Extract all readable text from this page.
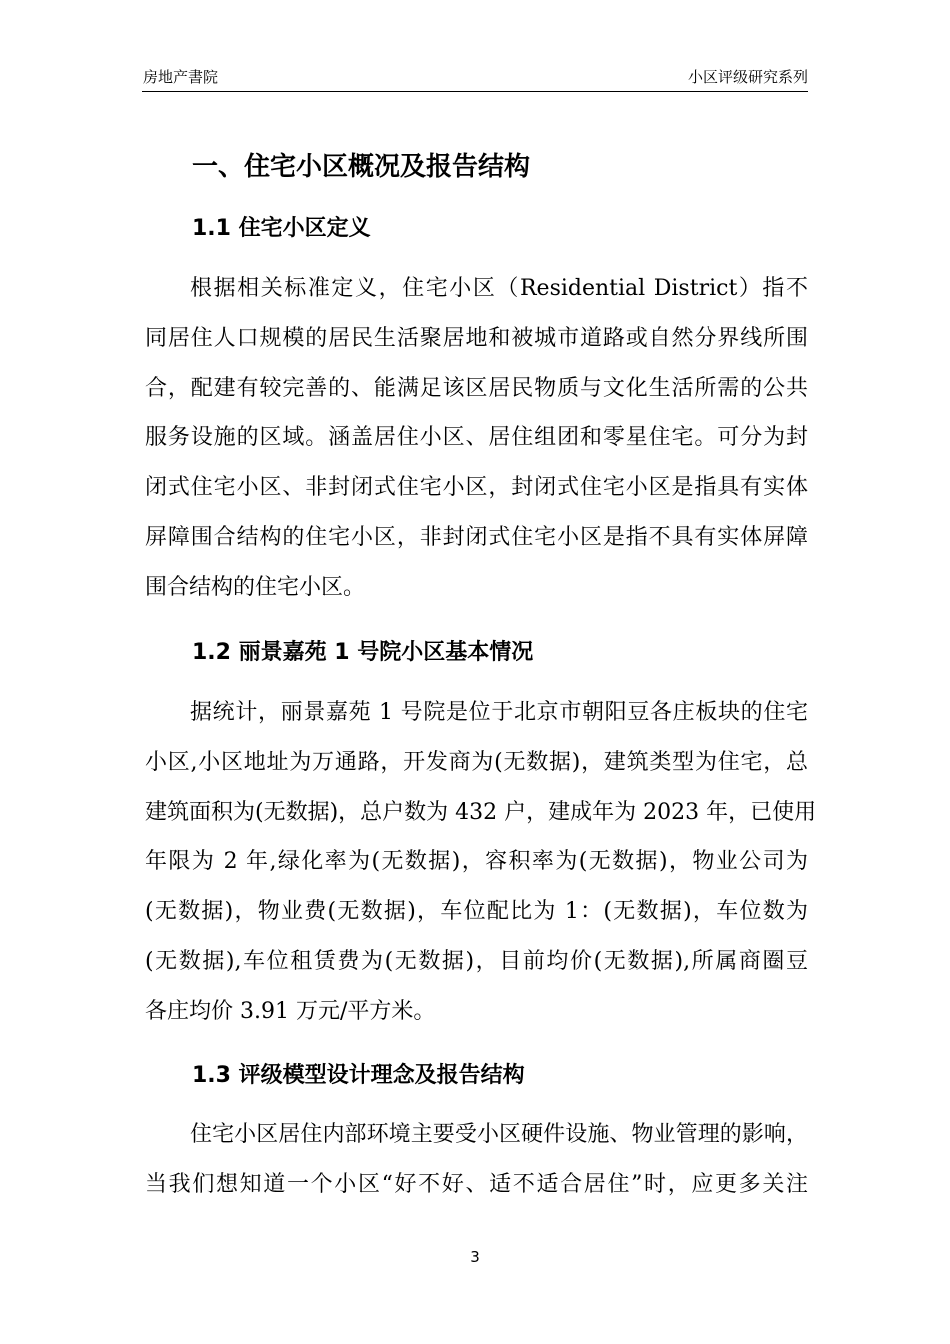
房地产書院	小区评级研究系列
一、住宅小区概况及报告结构
1.1 住宅小区定义
根据相关标准定义，住宅小区（Residential District）指不
同居住人口规模的居民生活聚居地和被城市道路或自然分界线所围
合，配建有较完善的、能满足该区居民物质与文化生活所需的公共
服务设施的区域。涵盖居住小区、居住组团和零星住宅。可分为封
闭式住宅小区、非封闭式住宅小区，封闭式住宅小区是指具有实体
屏障围合结构的住宅小区，非封闭式住宅小区是指不具有实体屏障
围合结构的住宅小区。
1.2 丽景嘉苑 1 号院小区基本情况
据统计，丽景嘉苑 1 号院是位于北京市朝阳豆各庄板块的住宅
小区,小区地址为万通路，开发商为(无数据)，建筑类型为住宅，总
建筑面积为(无数据)，总户数为 432 户，建成年为 2023 年，已使用
年限为 2 年,绿化率为(无数据)，容积率为(无数据)，物业公司为
(无数据)，物业费(无数据)，车位配比为 1：(无数据)，车位数为
(无数据),车位租赁费为(无数据)，目前均价(无数据),所属商圈豆
各庄均价 3.91 万元/平方米。
1.3 评级模型设计理念及报告结构
住宅小区居住内部环境主要受小区硬件设施、物业管理的影响，
当我们想知道一个小区“好不好、适不适合居住”时，应更多关注
3
